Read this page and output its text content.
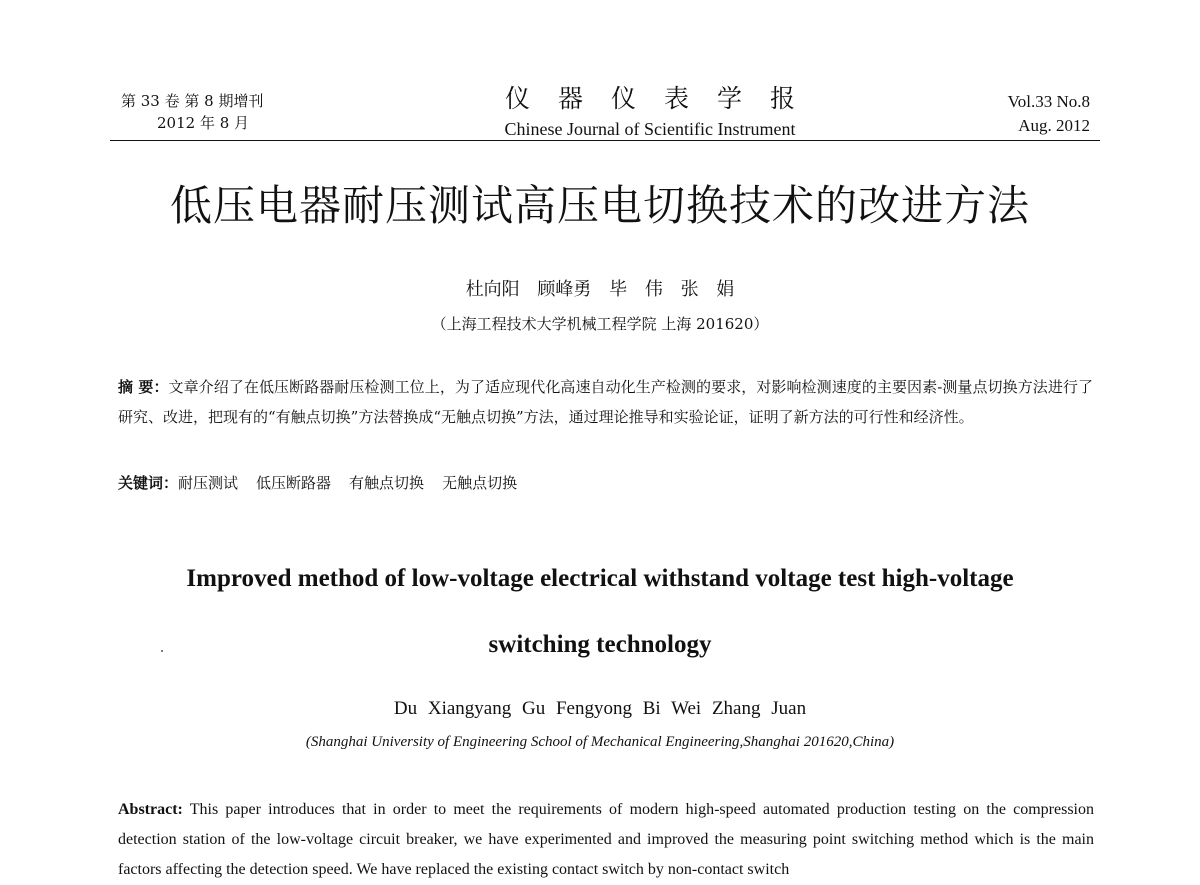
第 33 卷 第 8 期增刊
2012 年 8 月
仪器仪表学报
Chinese Journal of Scientific Instrument
Vol.33 No.8
Aug. 2012
低压电器耐压测试高压电切换技术的改进方法
杜向阳 顾峰勇 毕 伟 张 娟
（上海工程技术大学机械工程学院 上海 201620）
摘 要：文章介绍了在低压断路器耐压检测工位上，为了适应现代化高速自动化生产检测的要求，对影响检测速度的主要因素-测量点切换方法进行了研究、改进，把现有的“有触点切换”方法替换成“无触点切换”方法，通过理论推导和实验论证，证明了新方法的可行性和经济性。
关键词：耐压测试 低压断路器 有触点切换 无触点切换
Improved method of low-voltage electrical withstand voltage test high-voltage
switching technology
Du Xiangyang Gu Fengyong Bi Wei Zhang Juan
(Shanghai University of Engineering School of Mechanical Engineering,Shanghai 201620,China)
Abstract: This paper introduces that in order to meet the requirements of modern high-speed automated production testing on the compression detection station of the low-voltage circuit breaker, we have experimented and improved the measuring point switching method which is the main factors affecting the detection speed. We have replaced the existing contact switch by non-contact switch
